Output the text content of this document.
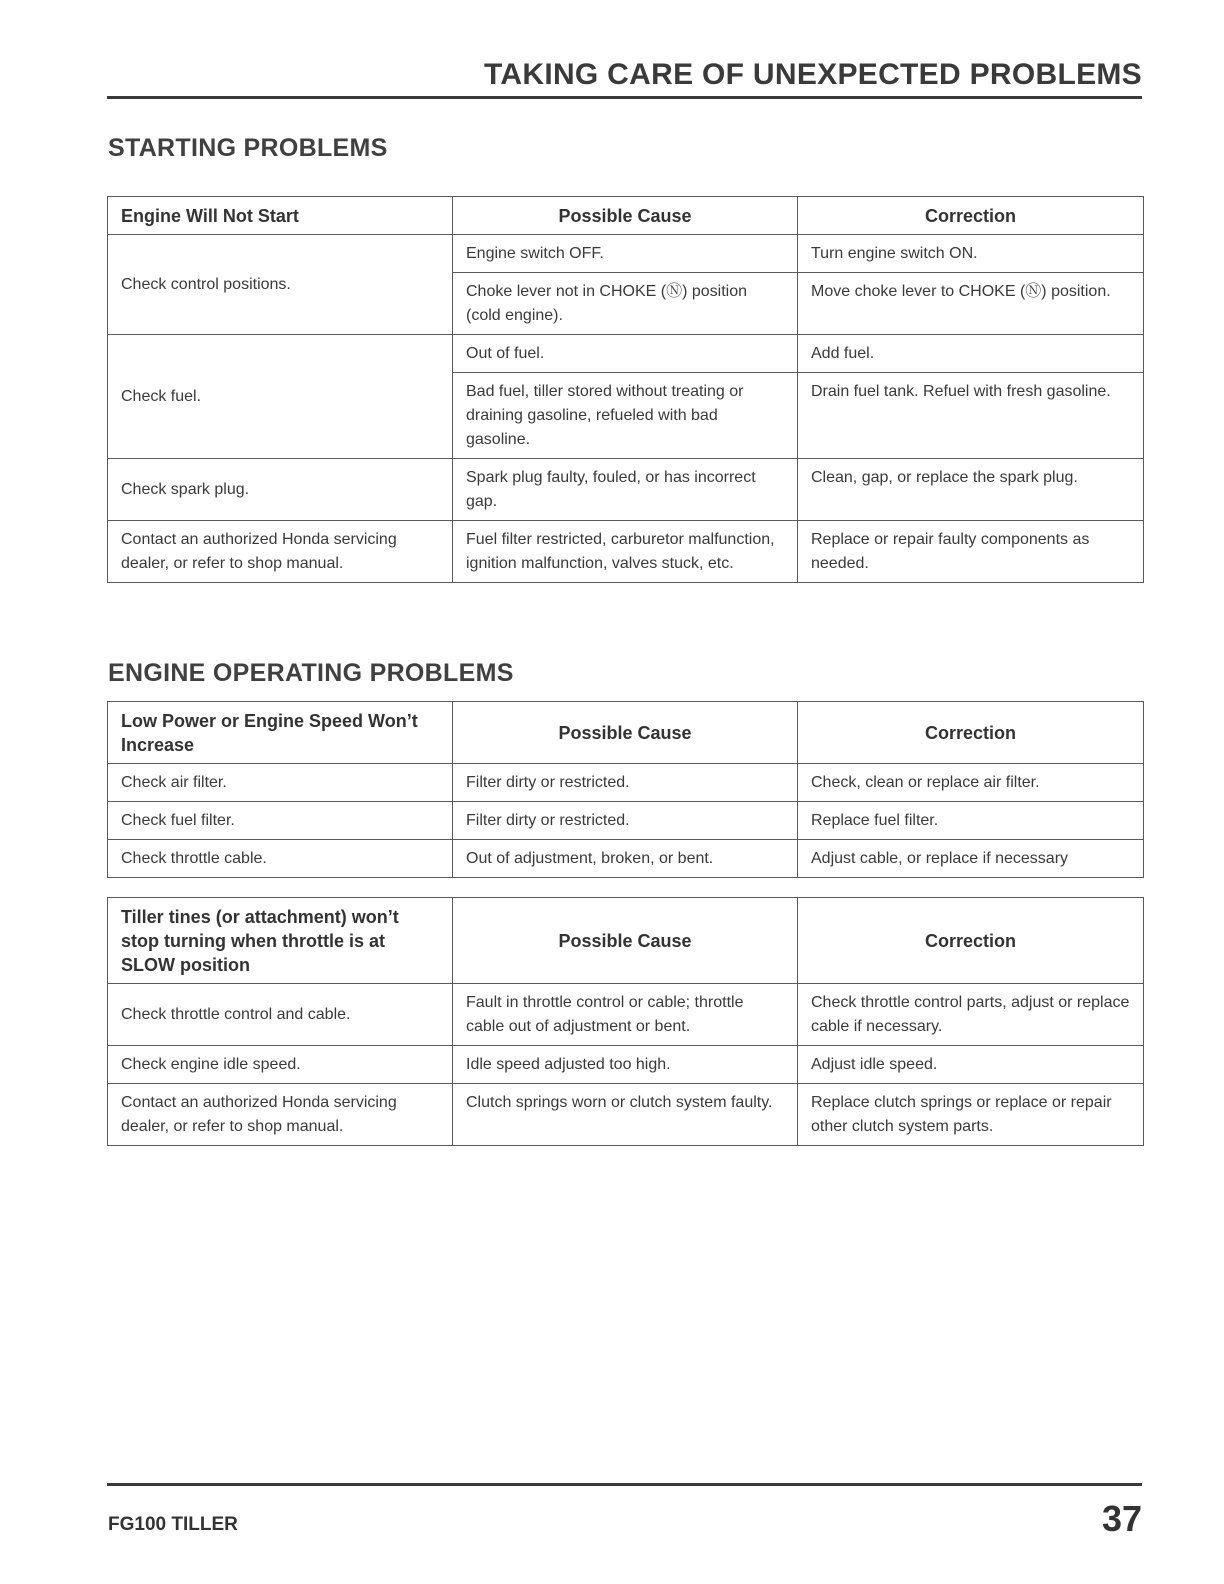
TAKING CARE OF UNEXPECTED PROBLEMS
STARTING PROBLEMS
Engine Will Not Start	Possible Cause	Correction
Check control positions.	Engine switch OFF.	Turn engine switch ON.
	Choke lever not in CHOKE (Ⓝ) position (cold engine).	Move choke lever to CHOKE (Ⓝ) position.
Check fuel.	Out of fuel.	Add fuel.
	Bad fuel, tiller stored without treating or draining gasoline, refueled with bad gasoline.	Drain fuel tank. Refuel with fresh gasoline.
Check spark plug.	Spark plug faulty, fouled, or has incorrect gap.	Clean, gap, or replace the spark plug.
Contact an authorized Honda servicing dealer, or refer to shop manual.	Fuel filter restricted, carburetor malfunction, ignition malfunction, valves stuck, etc.	Replace or repair faulty components as needed.
ENGINE OPERATING PROBLEMS
Low Power or Engine Speed Won’t Increase	Possible Cause	Correction
Check air filter.	Filter dirty or restricted.	Check, clean or replace air filter.
Check fuel filter.	Filter dirty or restricted.	Replace fuel filter.
Check throttle cable.	Out of adjustment, broken, or bent.	Adjust cable, or replace if necessary
Tiller tines (or attachment) won’t stop turning when throttle is at SLOW position	Possible Cause	Correction
Check throttle control and cable.	Fault in throttle control or cable; throttle cable out of adjustment or bent.	Check throttle control parts, adjust or replace cable if necessary.
Check engine idle speed.	Idle speed adjusted too high.	Adjust idle speed.
Contact an authorized Honda servicing dealer, or refer to shop manual.	Clutch springs worn or clutch system faulty.	Replace clutch springs or replace or repair other clutch system parts.
FG100 TILLER	37
